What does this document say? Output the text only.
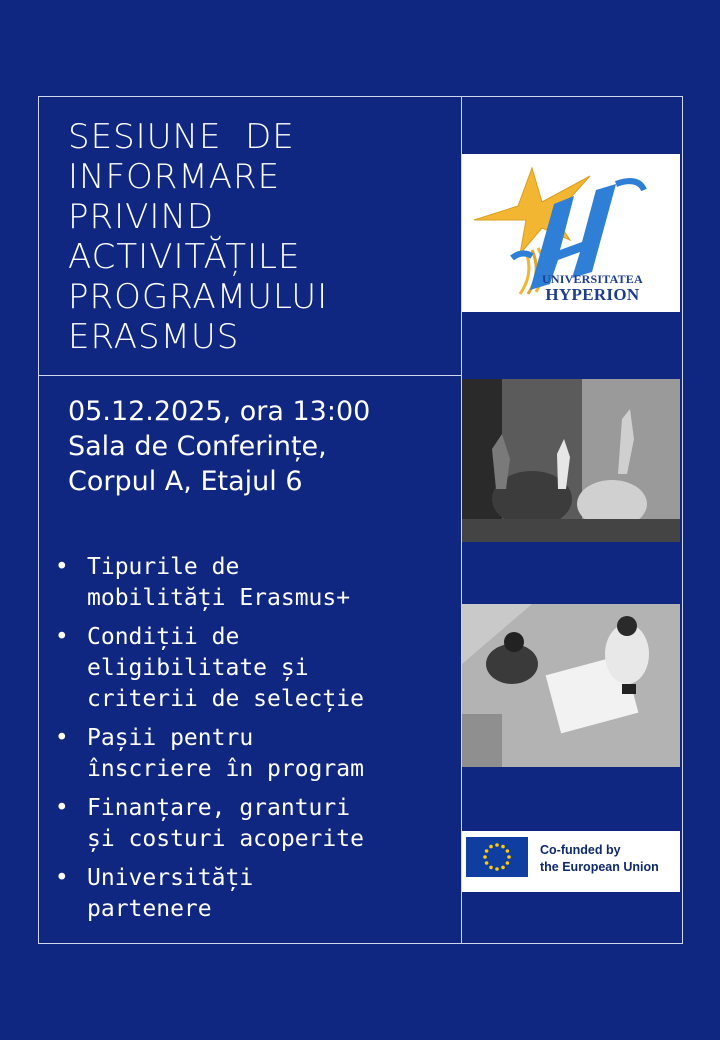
SESIUNE  DE
INFORMARE
PRIVIND
ACTIVITĂȚILE
PROGRAMULUI
ERASMUS
05.12.2025, ora 13:00
Sala de Conferințe,
Corpul A, Etajul 6
• Tipurile de
mobilități Erasmus+
• Condiții de
eligibilitate și
criterii de selecție
• Pașii pentru
înscriere în program
• Finanțare, granturi
și costuri acoperite
• Universități
partenere
UNIVERSITATEA
HYPERION
Co-funded by
the European Union
